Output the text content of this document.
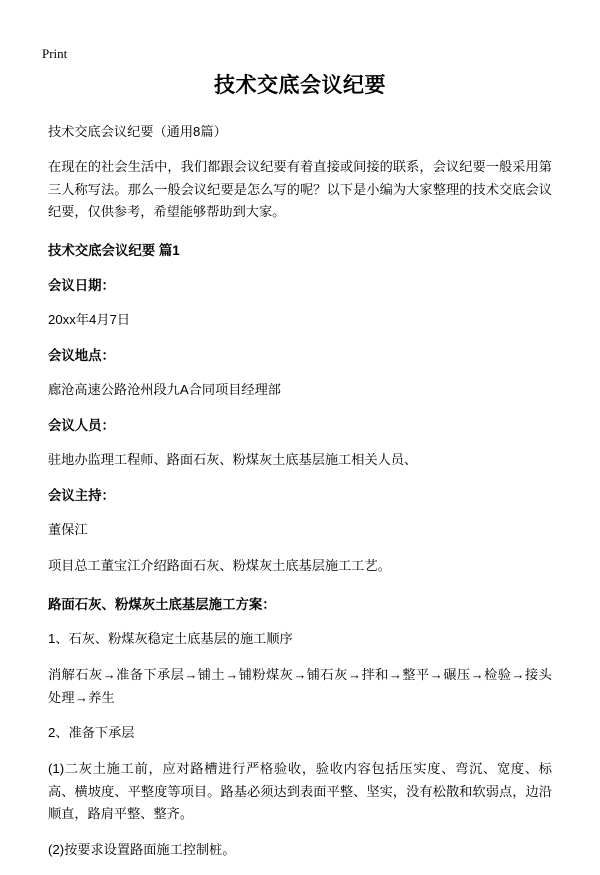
Print
技术交底会议纪要

技术交底会议纪要（通用8篇）

在现在的社会生活中，我们都跟会议纪要有着直接或间接的联系，会议纪要一般采用第三人称写法。那么一般会议纪要是怎么写的呢？以下是小编为大家整理的技术交底会议纪要，仅供参考，希望能够帮助到大家。

技术交底会议纪要 篇1

会议日期：

20xx年4月7日

会议地点：

廊沧高速公路沧州段九A合同项目经理部

会议人员：

驻地办监理工程师、路面石灰、粉煤灰土底基层施工相关人员、

会议主持：

董保江

项目总工董宝江介绍路面石灰、粉煤灰土底基层施工工艺。

路面石灰、粉煤灰土底基层施工方案：

1、石灰、粉煤灰稳定土底基层的施工顺序

消解石灰→准备下承层→铺土→铺粉煤灰→铺石灰→拌和→整平→碾压→检验→接头处理→养生

2、准备下承层

(1)二灰土施工前，应对路槽进行严格验收，验收内容包括压实度、弯沉、宽度、标高、横坡度、平整度等项目。路基必须达到表面平整、坚实，没有松散和软弱点，边沿顺直，路肩平整、整齐。

(2)按要求设置路面施工控制桩。
